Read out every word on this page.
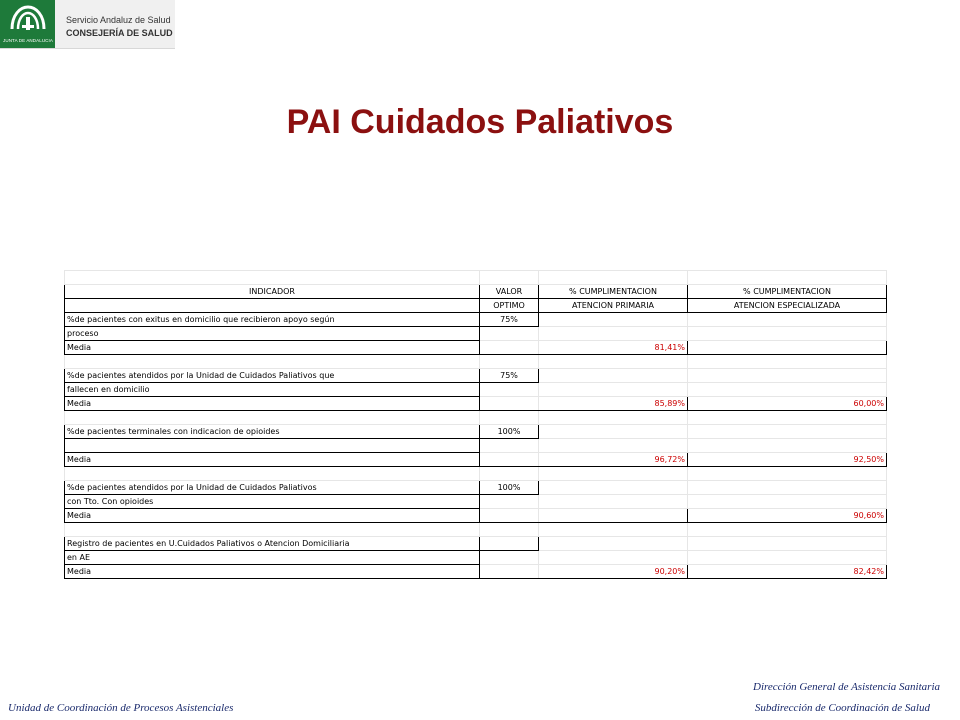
JUNTA DE ANDALUCIA
Servicio Andaluz de Salud
CONSEJERÍA DE SALUD
PAI Cuidados Paliativos

INDICADOR	VALOR	% CUMPLIMENTACION	% CUMPLIMENTACION
	OPTIMO	ATENCION PRIMARIA	ATENCION ESPECIALIZADA
%de pacientes con exitus en domicilio que recibieron apoyo según	75%		
proceso			
Media		81,41%	

%de pacientes atendidos por la Unidad de Cuidados Paliativos que	75%		
fallecen en domicilio			
Media		85,89%	60,00%

%de pacientes terminales con indicacion de opioides	100%		

Media		96,72%	92,50%

%de pacientes atendidos por la Unidad de Cuidados Paliativos	100%		
con Tto. Con opioides			
Media			90,60%

Registro de pacientes en U.Cuidados Paliativos o Atencion Domiciliaria			
en AE			
Media		90,20%	82,42%
Unidad de Coordinación de Procesos Asistenciales
Dirección General de Asistencia Sanitaria
Subdirección de Coordinación de Salud
